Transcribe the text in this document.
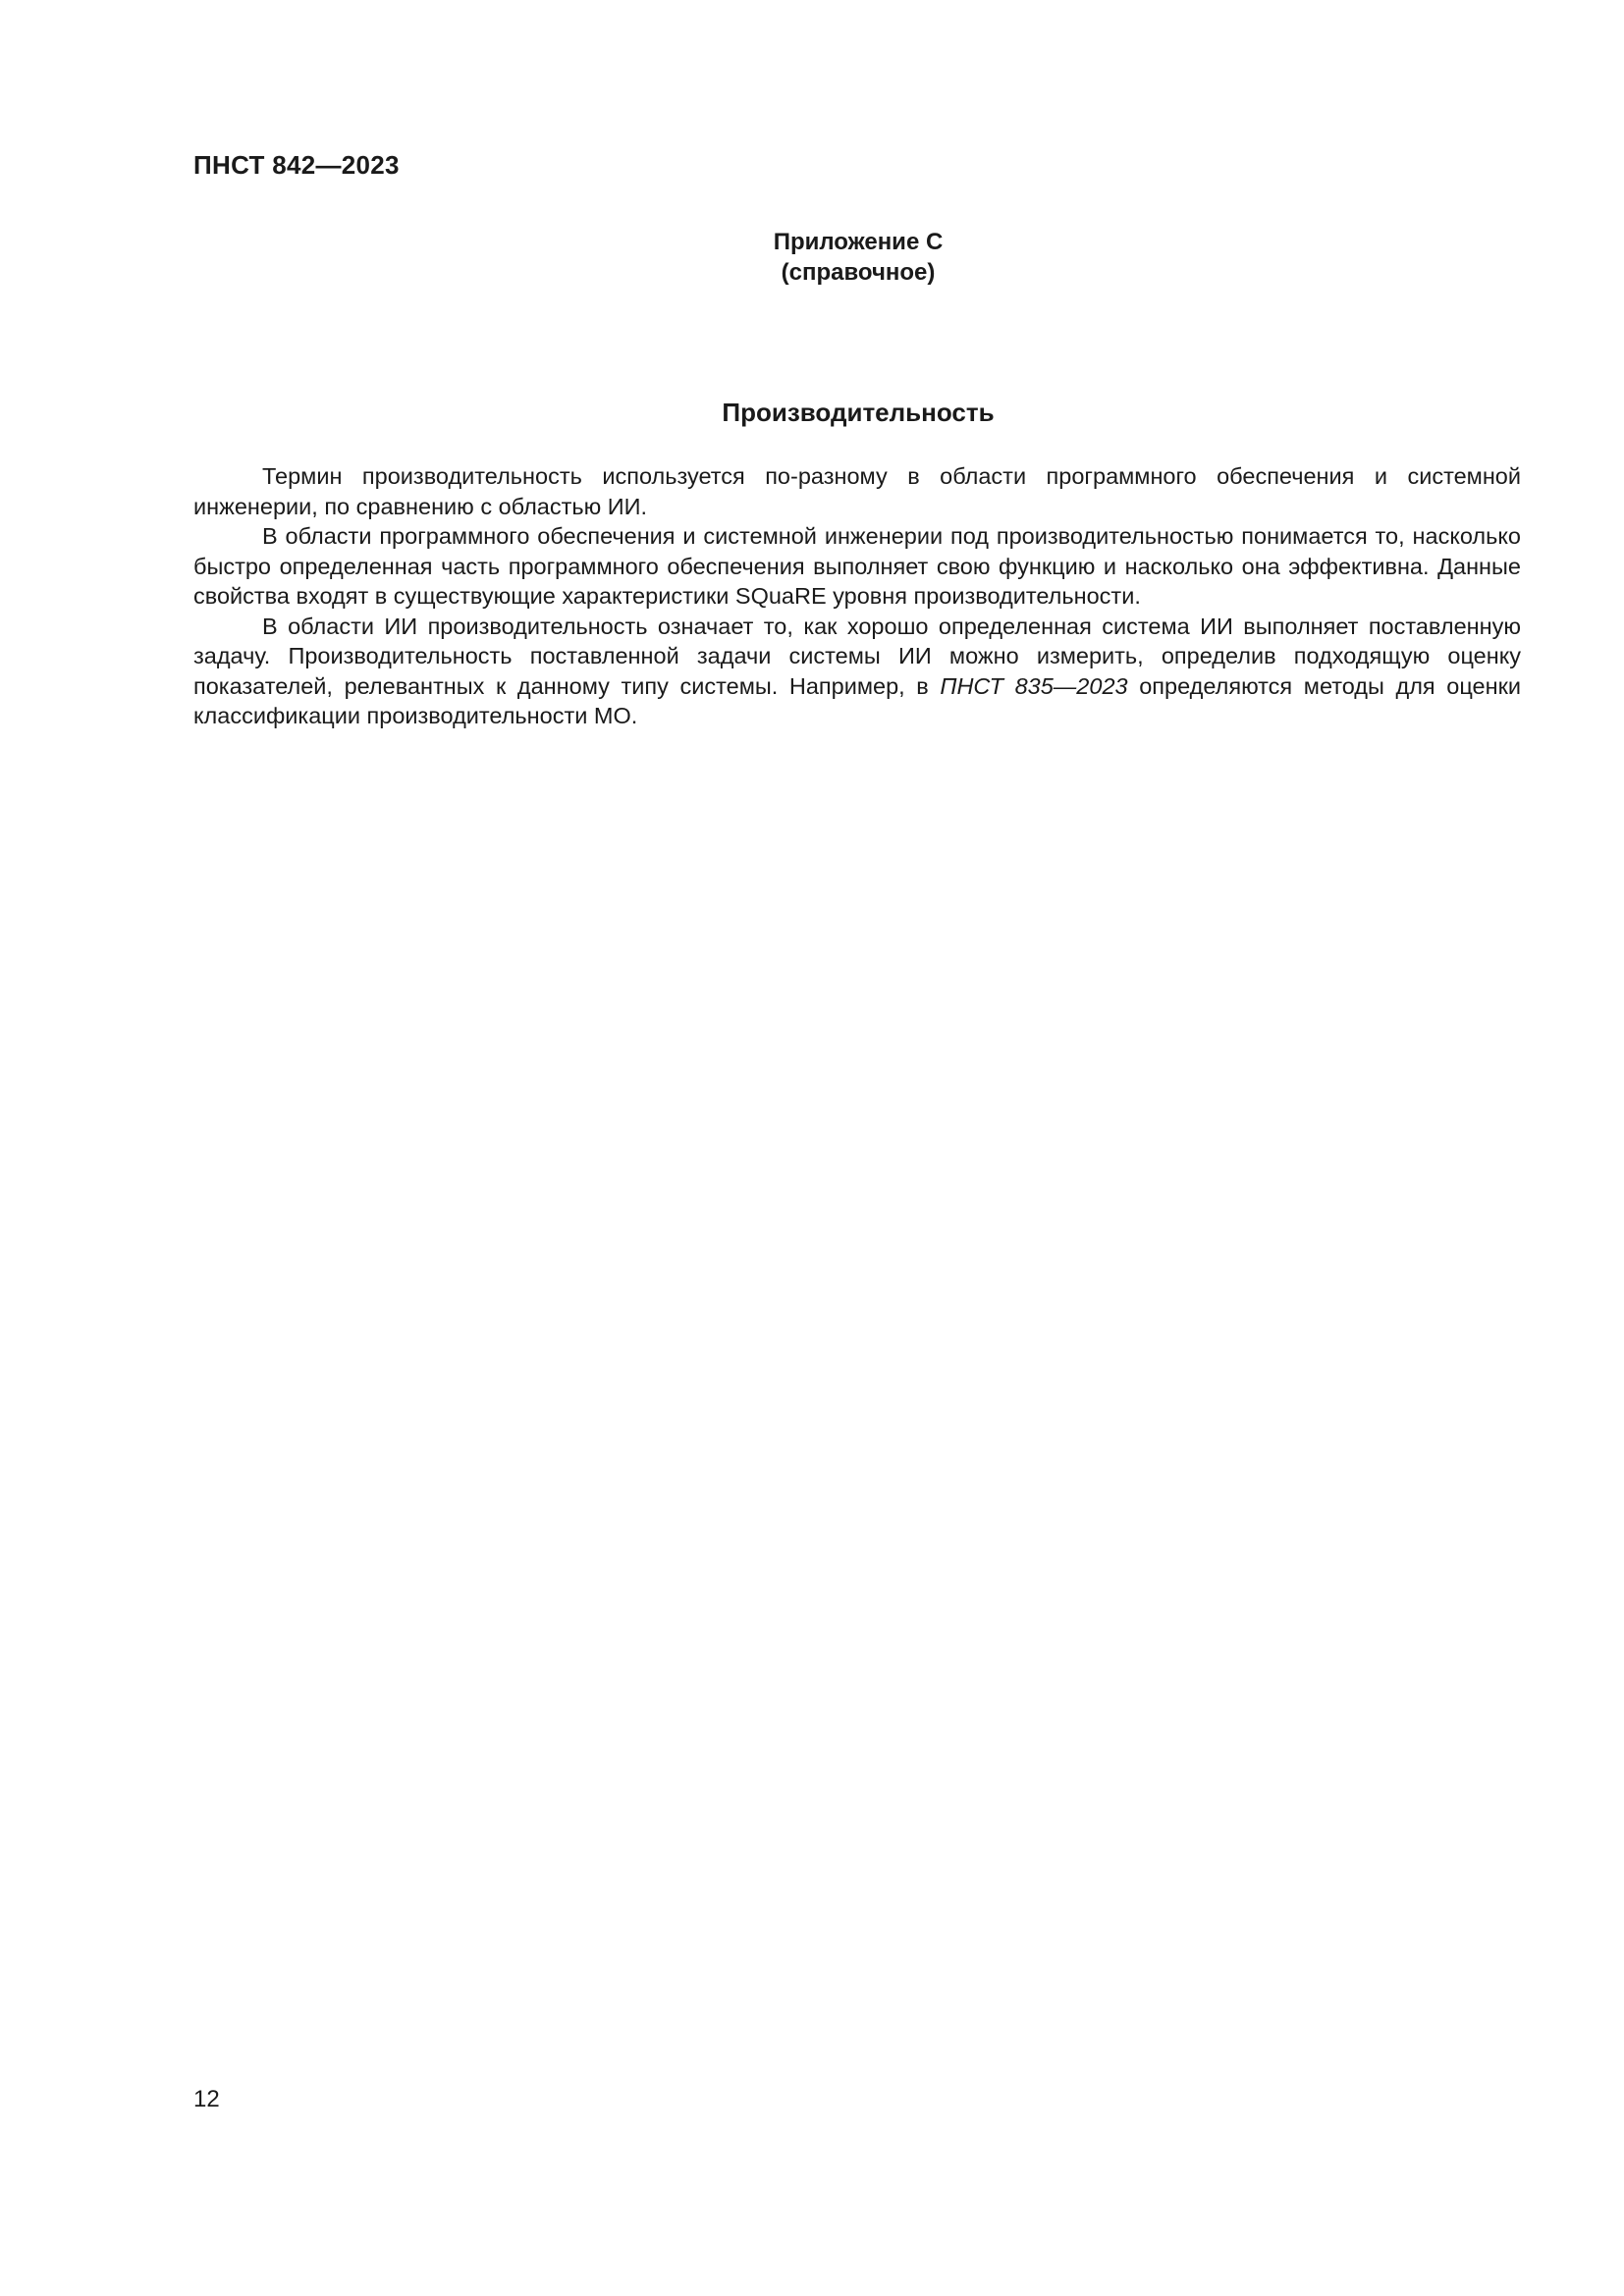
ПНСТ 842—2023
Приложение С
(справочное)
Производительность

Термин производительность используется по-разному в области программного обеспечения и системной инженерии, по сравнению с областью ИИ.

В области программного обеспечения и системной инженерии под производительностью понимается то, насколько быстро определенная часть программного обеспечения выполняет свою функцию и насколько она эффективна. Данные свойства входят в существующие характеристики SQuaRE уровня производительности.

В области ИИ производительность означает то, как хорошо определенная система ИИ выполняет поставленную задачу. Производительность поставленной задачи системы ИИ можно измерить, определив подходящую оценку показателей, релевантных к данному типу системы. Например, в ПНСТ 835—2023 определяются методы для оценки классификации производительности МО.

12
